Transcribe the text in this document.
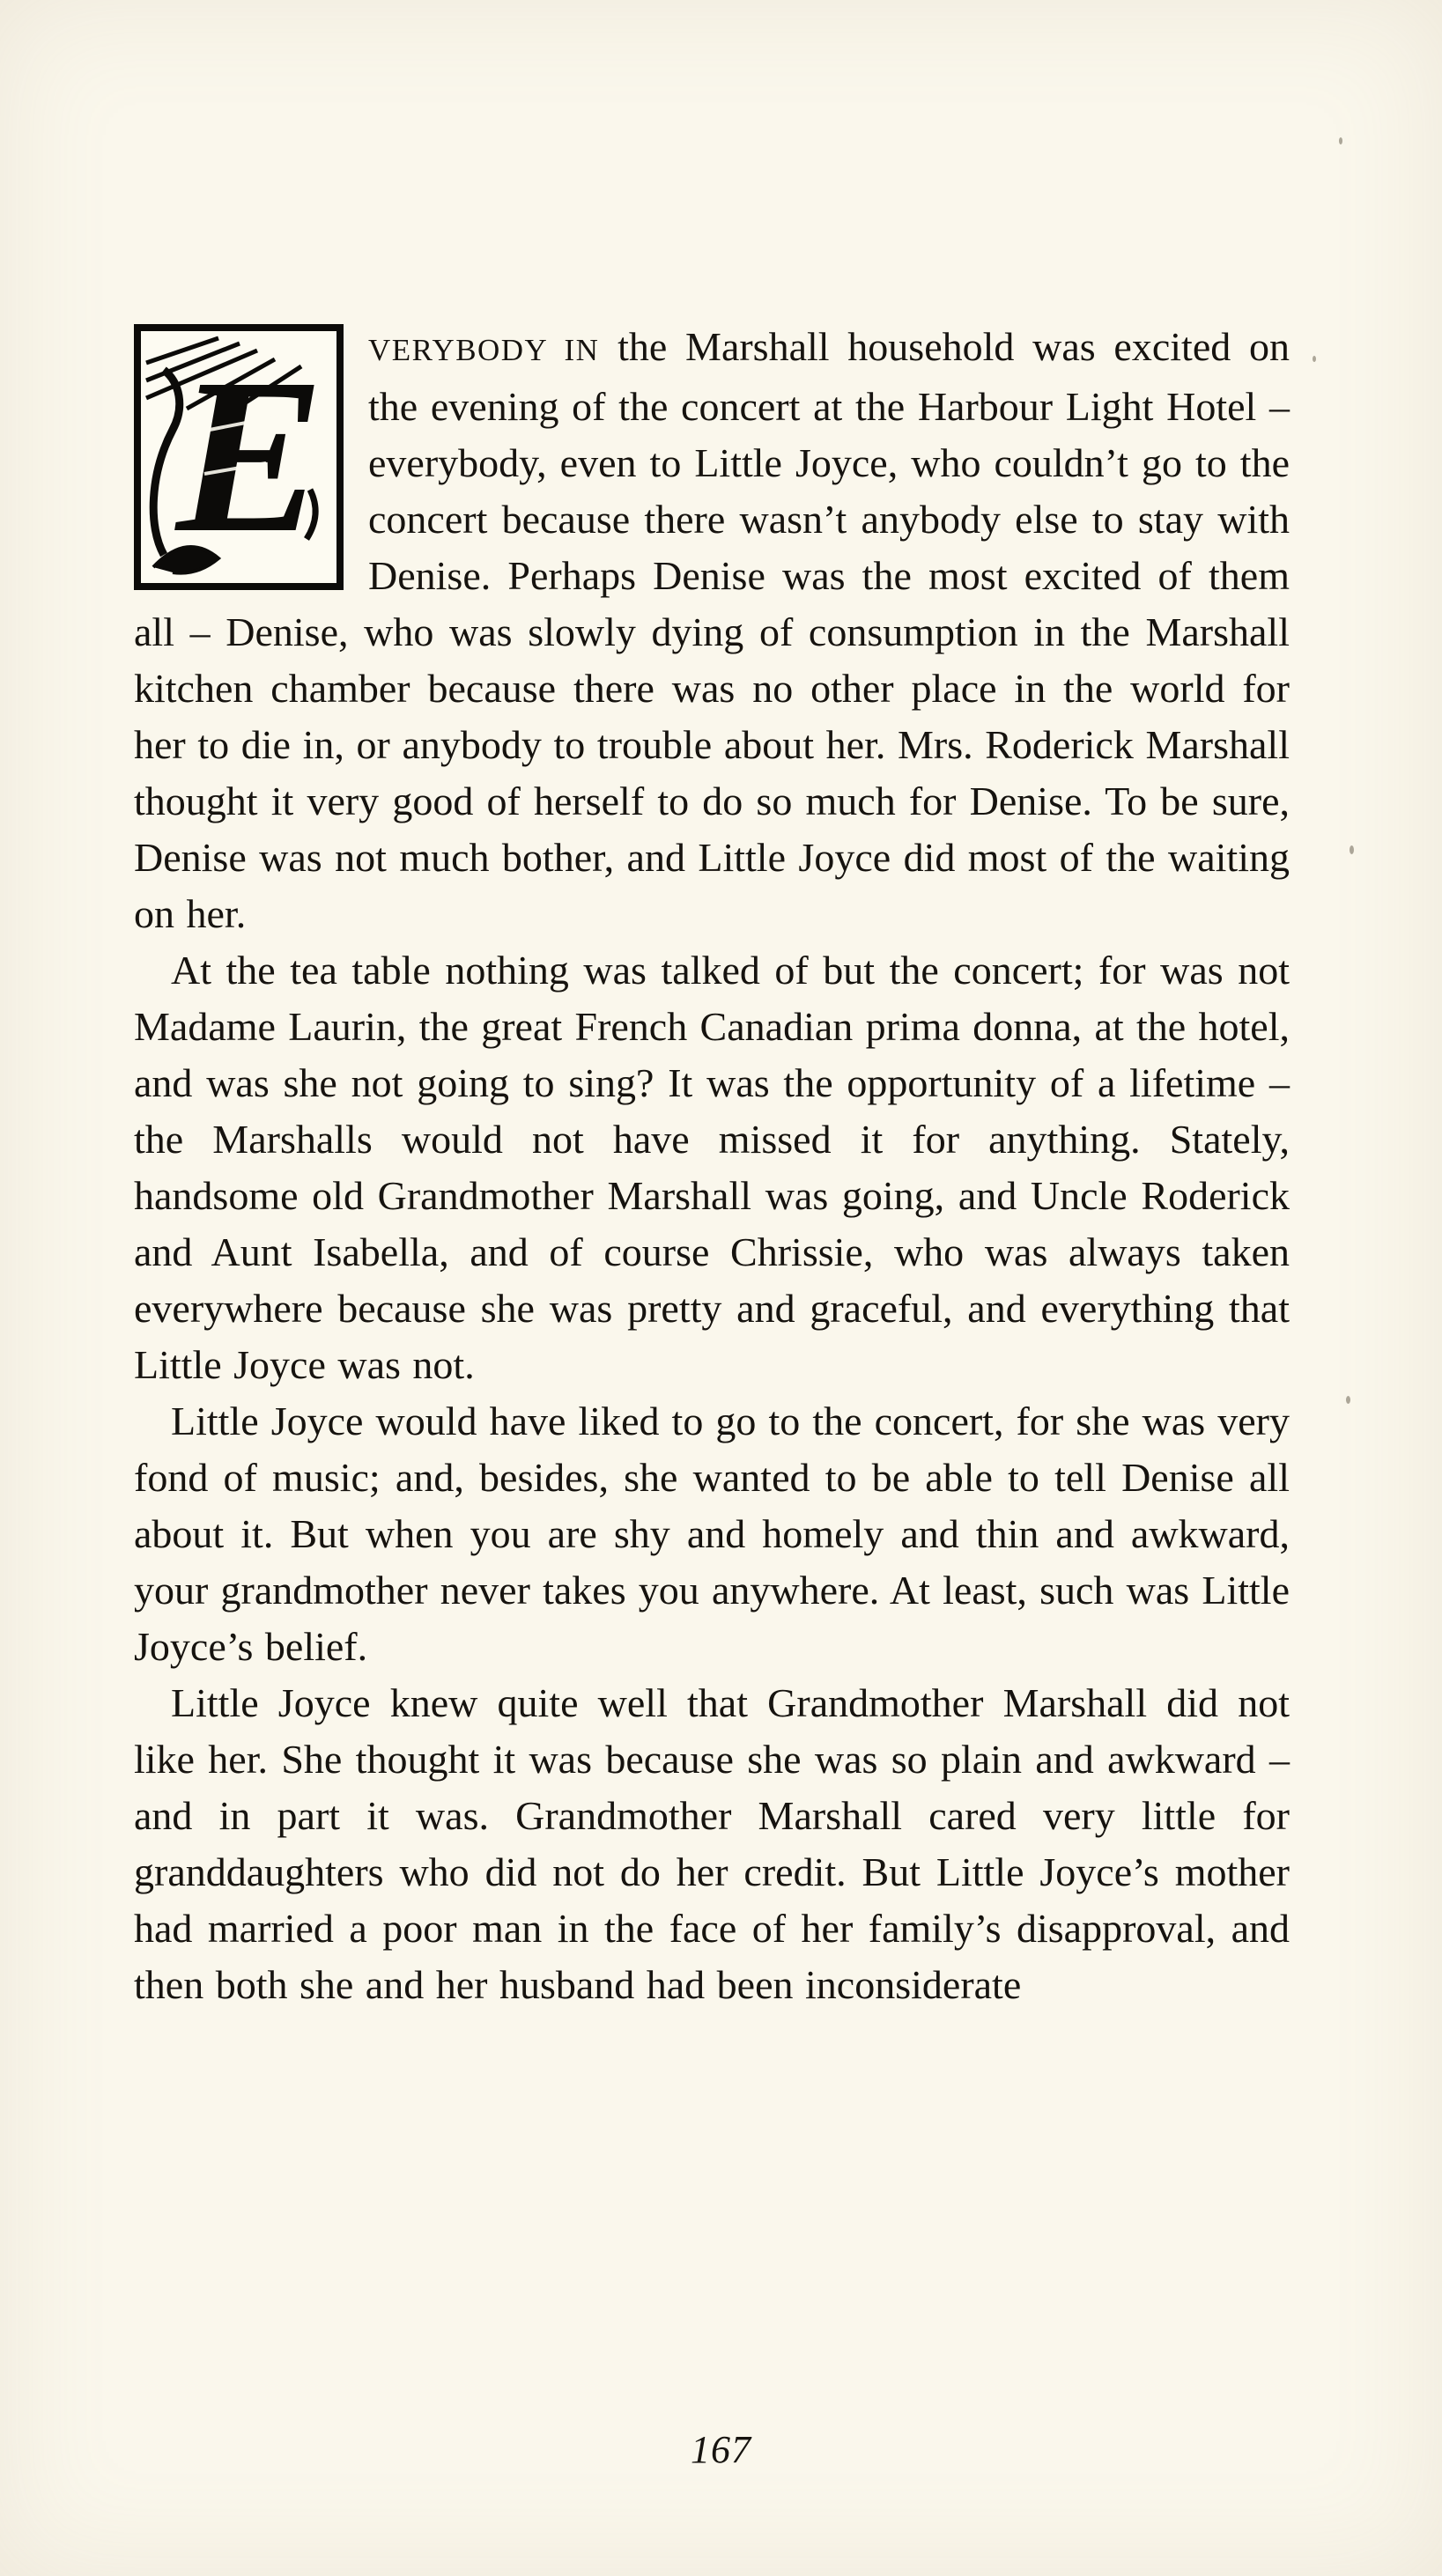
E VERYBODY IN the Marshall household was excited on the evening of the concert at the Harbour Light Hotel – everybody, even to Little Joyce, who couldn’t go to the concert because there wasn’t anybody else to stay with Denise. Perhaps Denise was the most excited of them all – Denise, who was slowly dying of consumption in the Marshall kitchen chamber because there was no other place in the world for her to die in, or anybody to trouble about her. Mrs. Roderick Marshall thought it very good of herself to do so much for Denise. To be sure, Denise was not much bother, and Little Joyce did most of the waiting on her.

At the tea table nothing was talked of but the concert; for was not Madame Laurin, the great French Canadian prima donna, at the hotel, and was she not going to sing? It was the opportunity of a lifetime – the Marshalls would not have missed it for anything. Stately, handsome old Grandmother Marshall was going, and Uncle Roderick and Aunt Isabella, and of course Chrissie, who was always taken everywhere because she was pretty and graceful, and everything that Little Joyce was not.

Little Joyce would have liked to go to the concert, for she was very fond of music; and, besides, she wanted to be able to tell Denise all about it. But when you are shy and homely and thin and awkward, your grandmother never takes you anywhere. At least, such was Little Joyce’s belief.

Little Joyce knew quite well that Grandmother Marshall did not like her. She thought it was because she was so plain and awkward – and in part it was. Grandmother Marshall cared very little for granddaughters who did not do her credit. But Little Joyce’s mother had married a poor man in the face of her family’s disapproval, and then both she and her husband had been inconsiderate

167
